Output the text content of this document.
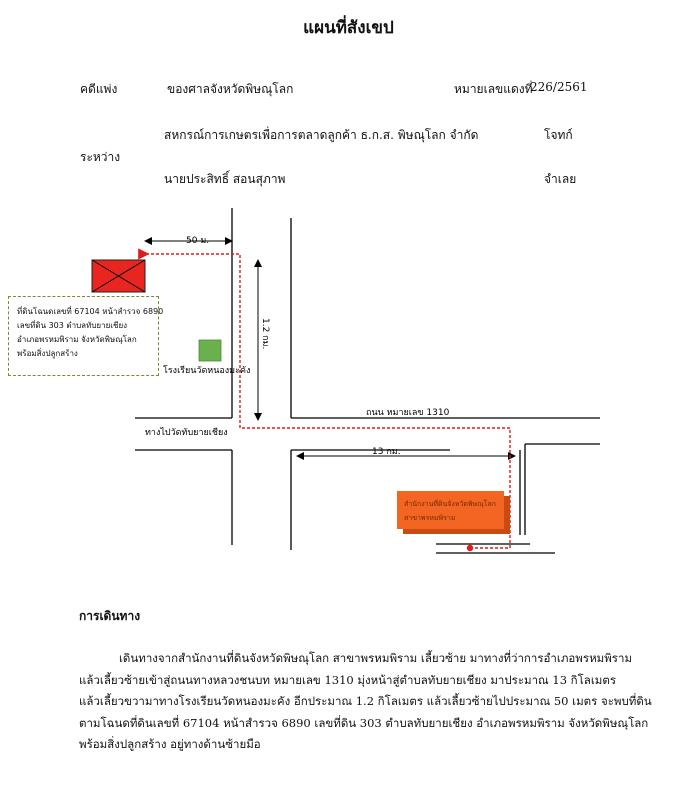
แผนที่สังเขป
คดีแพ่ง	ของศาลจังหวัดพิษณุโลก	หมายเลขแดงที่
226/2561
สหกรณ์การเกษตรเพื่อการตลาดลูกค้า ธ.ก.ส. พิษณุโลก จำกัด	โจทก์
ระหว่าง
นายประสิทธิ์ สอนสุภาพ	จำเลย
50 ม.
1.2 กม.
13 กม.
ถนน หมายเลข 1310
ทางไปวัดทับยายเชียง
โรงเรียนวัดหนองมะคัง
สำนักงานที่ดินจังหวัดพิษณุโลก
สาขาพรหมพิราม
ที่ดินโฉนดเลขที่ 67104 หน้าสำรวจ 6890
เลขที่ดิน 303 ตำบลทับยายเชียง
อำเภอพรหมพิราม จังหวัดพิษณุโลก
พร้อมสิ่งปลูกสร้าง
การเดินทาง
เดินทางจากสำนักงานที่ดินจังหวัดพิษณุโลก สาขาพรหมพิราม เลี้ยวซ้าย มาทางที่ว่าการอำเภอพรหมพิราม
แล้วเลี้ยวซ้ายเข้าสู่ถนนทางหลวงชนบท หมายเลข 1310 มุ่งหน้าสู่ตำบลทับยายเชียง มาประมาณ 13 กิโลเมตร
แล้วเลี้ยวขวามาทางโรงเรียนวัดหนองมะคัง อีกประมาณ 1.2 กิโลเมตร แล้วเลี้ยวซ้ายไปประมาณ 50 เมตร จะพบที่ดิน
ตามโฉนดที่ดินเลขที่ 67104 หน้าสำรวจ 6890 เลขที่ดิน 303 ตำบลทับยายเชียง อำเภอพรหมพิราม จังหวัดพิษณุโลก
พร้อมสิ่งปลูกสร้าง อยู่ทางด้านซ้ายมือ
